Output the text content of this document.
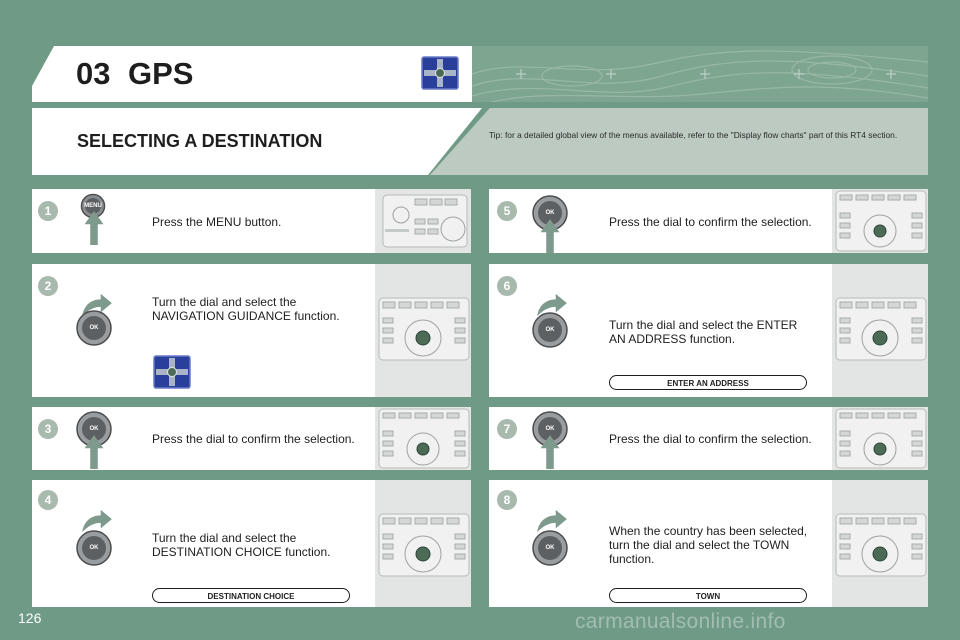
03 GPS
SELECTING A DESTINATION	Tip: for a detailed global view of the menus available, refer to the "Display flow charts" part of this RT4 section.
1	MENU
Press the MENU button.
2
OK
Turn the dial and select the NAVIGATION GUIDANCE function.
3	OK
Press the dial to confirm the selection.
4
OK
Turn the dial and select the DESTINATION CHOICE function.
DESTINATION CHOICE
5	OK
Press the dial to confirm the selection.
6
OK	Turn the dial and select the ENTER AN ADDRESS function.
ENTER AN ADDRESS
7	OK
Press the dial to confirm the selection.
8
OK
When the country has been selected, turn the dial and select the TOWN function.
TOWN
126	carmanualsonline.info
